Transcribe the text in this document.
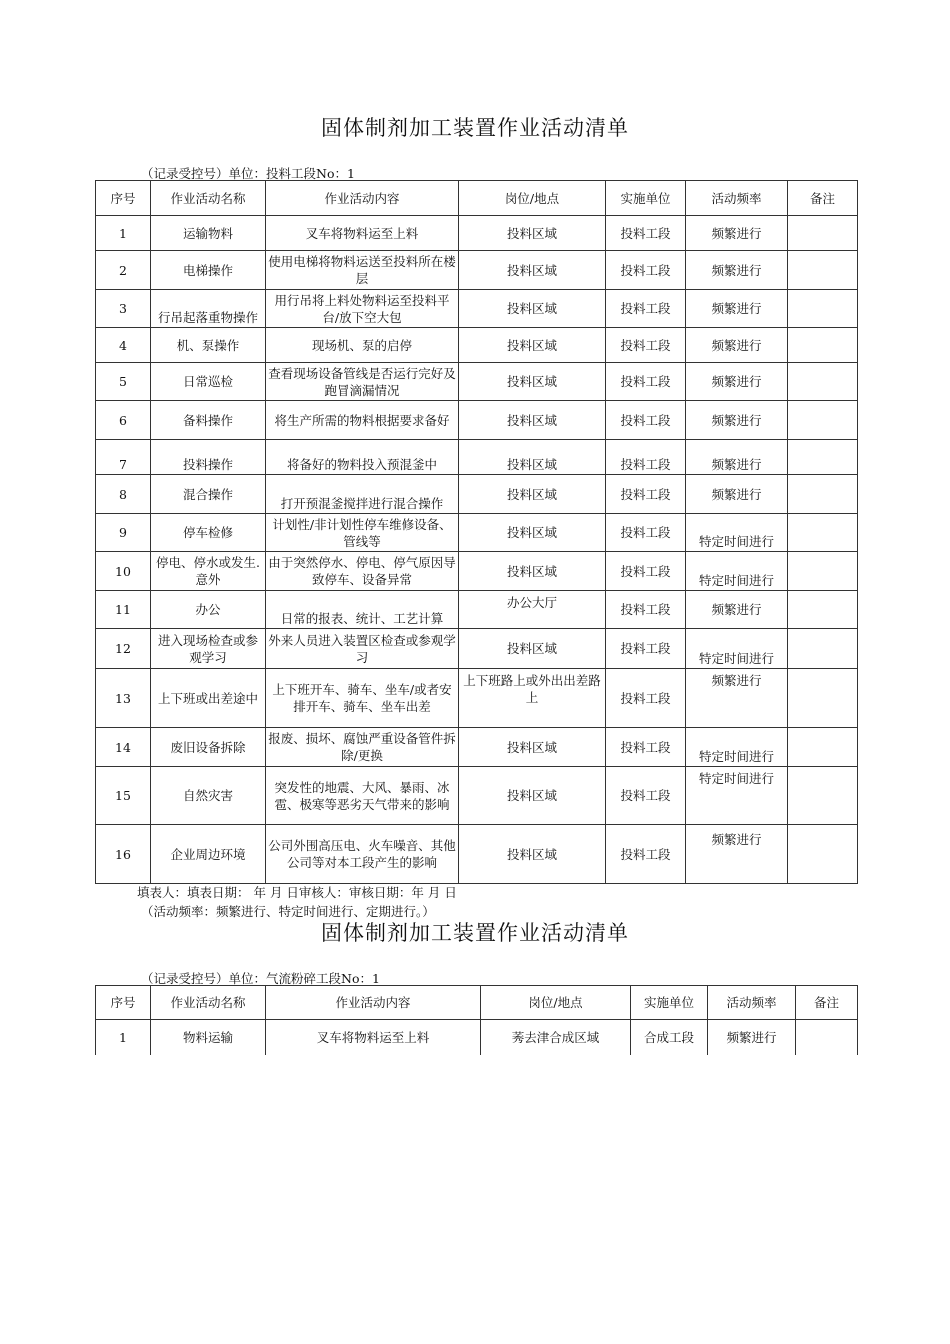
固体制剂加工装置作业活动清单
（记录受控号）单位：投料工段No：1
序号	作业活动名称	作业活动内容	岗位/地点	实施单位	活动频率	备注
1	运输物料	叉车将物料运至上料	投料区域	投料工段	频繁进行	
2	电梯操作	使用电梯将物料运送至投料所在楼层	投料区域	投料工段	频繁进行	
3	行吊起落重物操作	用行吊将上料处物料运至投料平台/放下空大包	投料区域	投料工段	频繁进行	
4	机、泵操作	现场机、泵的启停	投料区域	投料工段	频繁进行	
5	日常巡检	查看现场设备管线是否运行完好及跑冒滴漏情况	投料区域	投料工段	频繁进行	
6	备料操作	将生产所需的物料根据要求备好	投料区域	投料工段	频繁进行	
7	投料操作	将备好的物料投入预混釜中	投料区域	投料工段	频繁进行	
8	混合操作	打开预混釜搅拌进行混合操作	投料区域	投料工段	频繁进行	
9	停车检修	计划性/非计划性停车维修设备、管线等	投料区域	投料工段	特定时间进行	
10	停电、停水或发生.意外	由于突然停水、停电、停气原因导致停车、设备异常	投料区域	投料工段	特定时间进行	
11	办公	日常的报表、统计、工艺计算	办公大厅	投料工段	频繁进行	
12	进入现场检查或参观学习	外来人员进入装置区检查或参观学习	投料区域	投料工段	特定时间进行	
13	上下班或出差途中	上下班开车、骑车、坐车/或者安排开车、骑车、坐车出差	上下班路上或外出出差路上	投料工段	频繁进行	
14	废旧设备拆除	报废、损坏、腐蚀严重设备管件拆除/更换	投料区域	投料工段	特定时间进行	
15	自然灾害	突发性的地震、大风、暴雨、冰雹、极寒等恶劣天气带来的影响	投料区域	投料工段	特定时间进行	
16	企业周边环境	公司外围高压电、火车噪音、其他公司等对本工段产生的影响	投料区域	投料工段	频繁进行	
填表人：填表日期： 年 月 日审核人：审核日期：年 月 日
（活动频率：频繁进行、特定时间进行、定期进行。）
固体制剂加工装置作业活动清单
（记录受控号）单位：气流粉碎工段No：1
序号	作业活动名称	作业活动内容	岗位/地点	实施单位	活动频率	备注
1	物料运输	叉车将物料运至上料	莠去津合成区域	合成工段	频繁进行	
